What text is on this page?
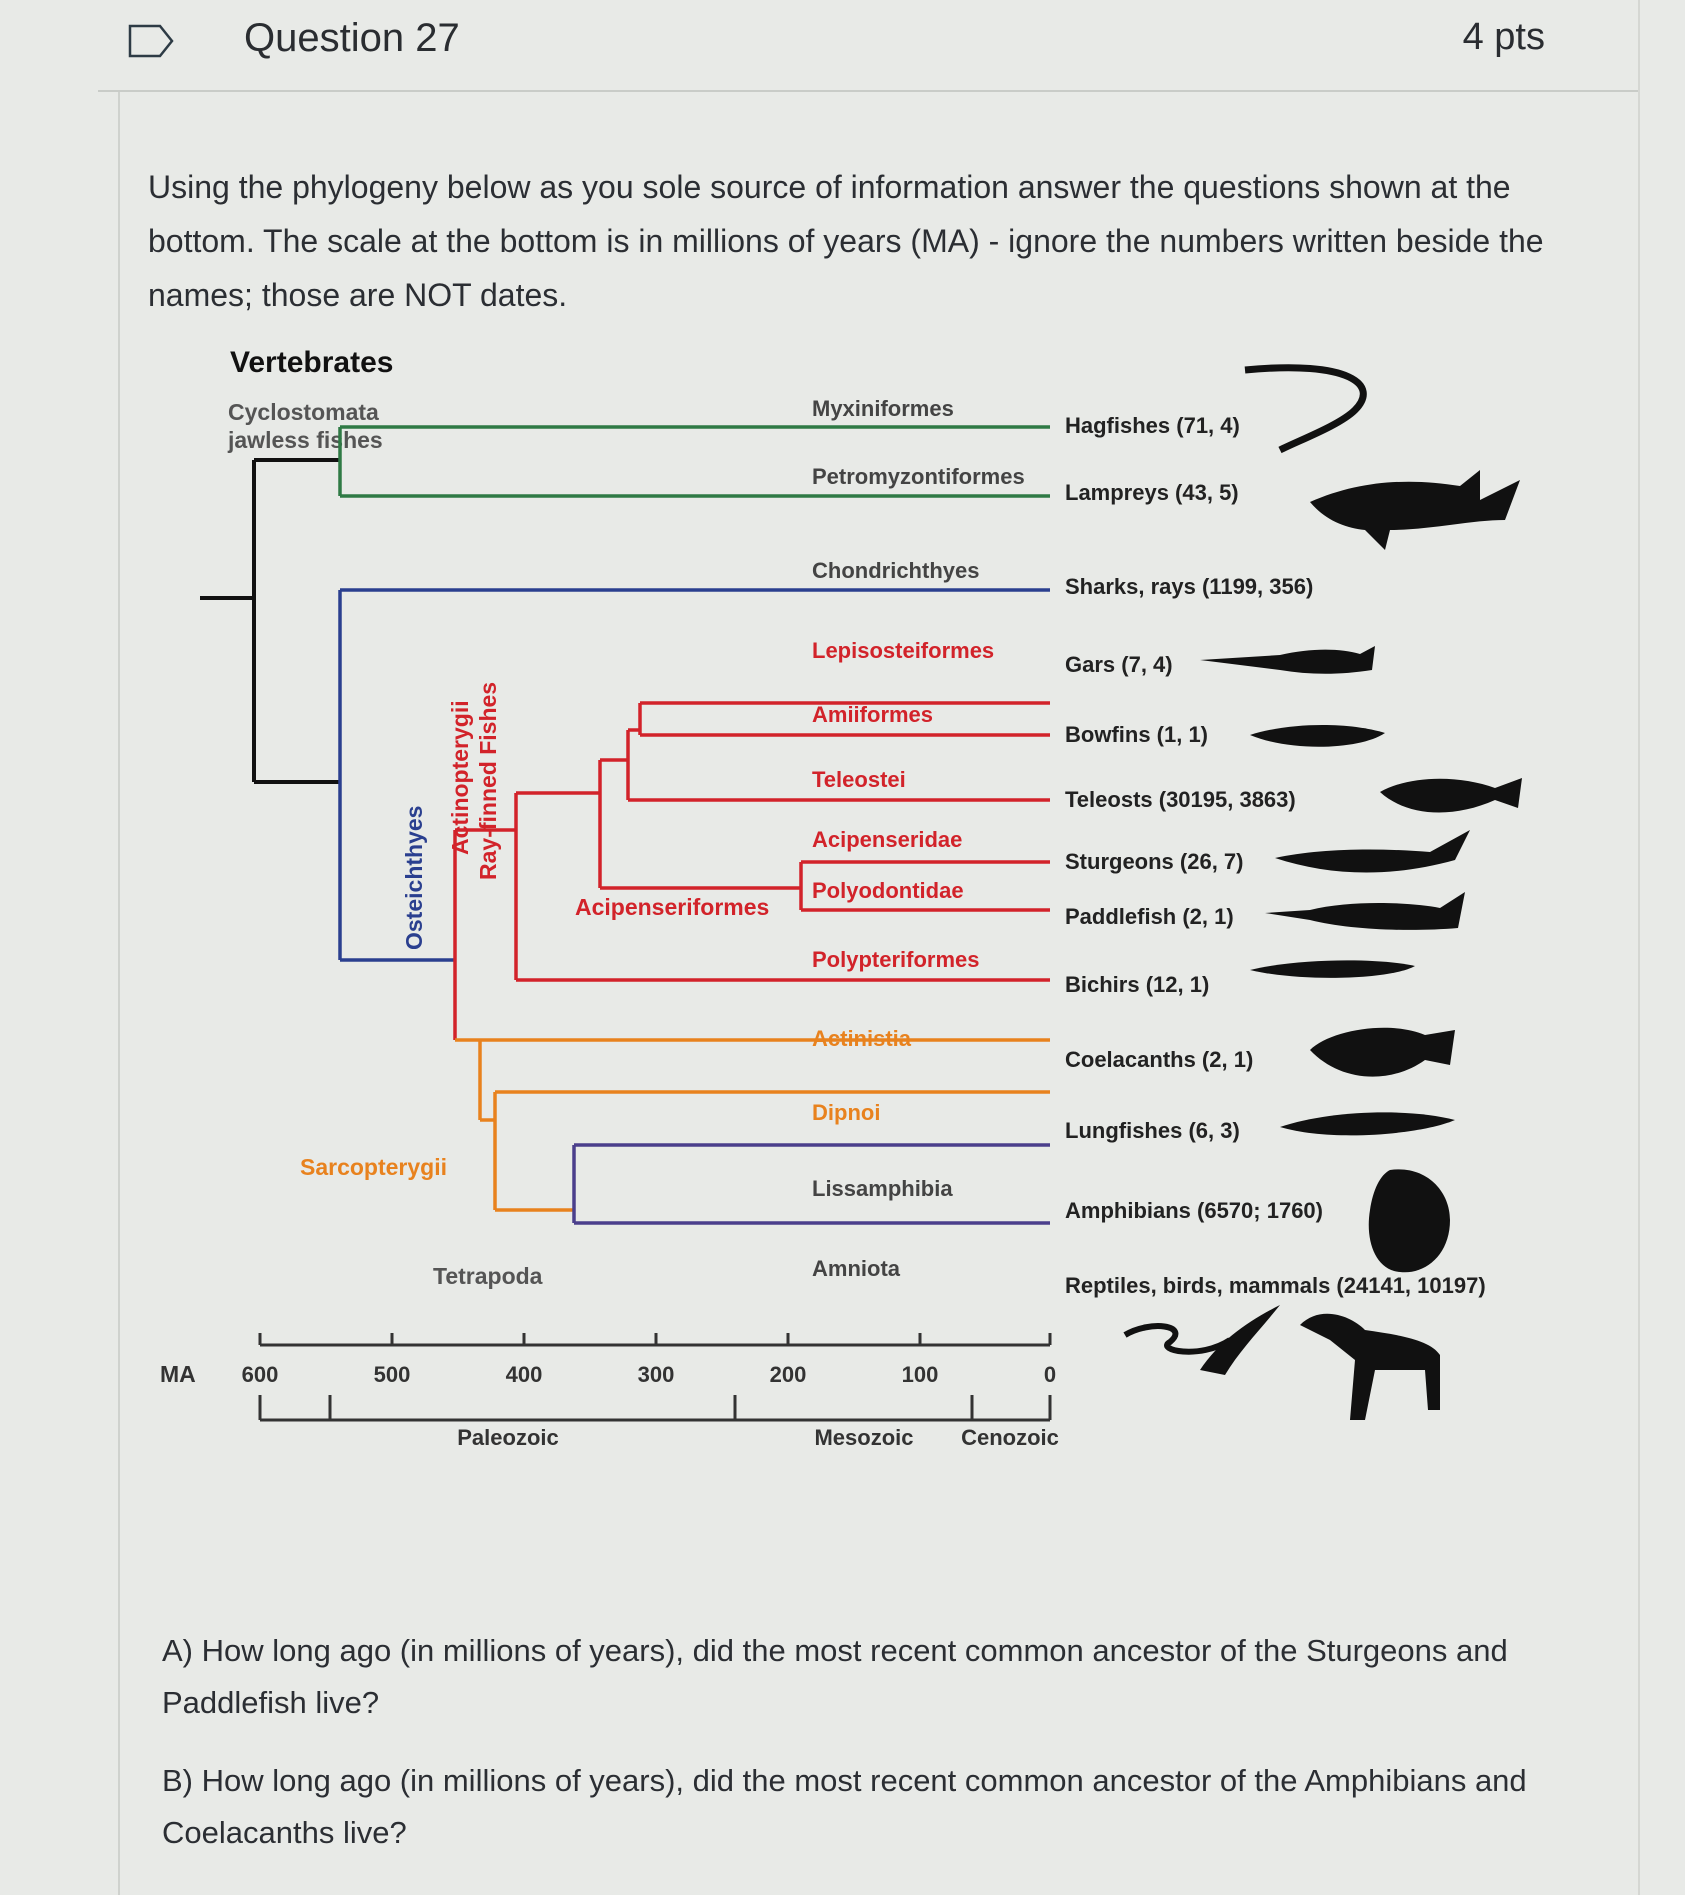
Question 27	4 pts
Using the phylogeny below as you sole source of information answer the questions shown at the bottom. The scale at the bottom is in millions of years (MA) - ignore the numbers written beside the names; those are NOT dates.
Vertebrates
Cyclostomata
jawless fishes
Osteichthyes
Actinopterygii Ray-finned Fishes
Acipenseriformes
Sarcopterygii
Tetrapoda
Myxiniformes
Petromyzontiformes
Chondrichthyes
Lepisosteiformes
Amiiformes
Teleostei
Acipenseridae
Polyodontidae
Polypteriformes
Actinistia
Dipnoi
Lissamphibia
Amniota
Hagfishes (71, 4)
Lampreys (43, 5)
Sharks, rays (1199, 356)
Gars (7, 4)
Bowfins (1, 1)
Teleosts (30195, 3863)
Sturgeons (26, 7)
Paddlefish (2, 1)
Bichirs (12, 1)
Coelacanths (2, 1)
Lungfishes (6, 3)
Amphibians (6570; 1760)
Reptiles, birds, mammals (24141, 10197)
MA 600	500	400	300	200	100	0
Paleozoic	Mesozoic Cenozoic
A) How long ago (in millions of years), did the most recent common ancestor of the Sturgeons and Paddlefish live?
B) How long ago (in millions of years), did the most recent common ancestor of the Amphibians and Coelacanths live?
